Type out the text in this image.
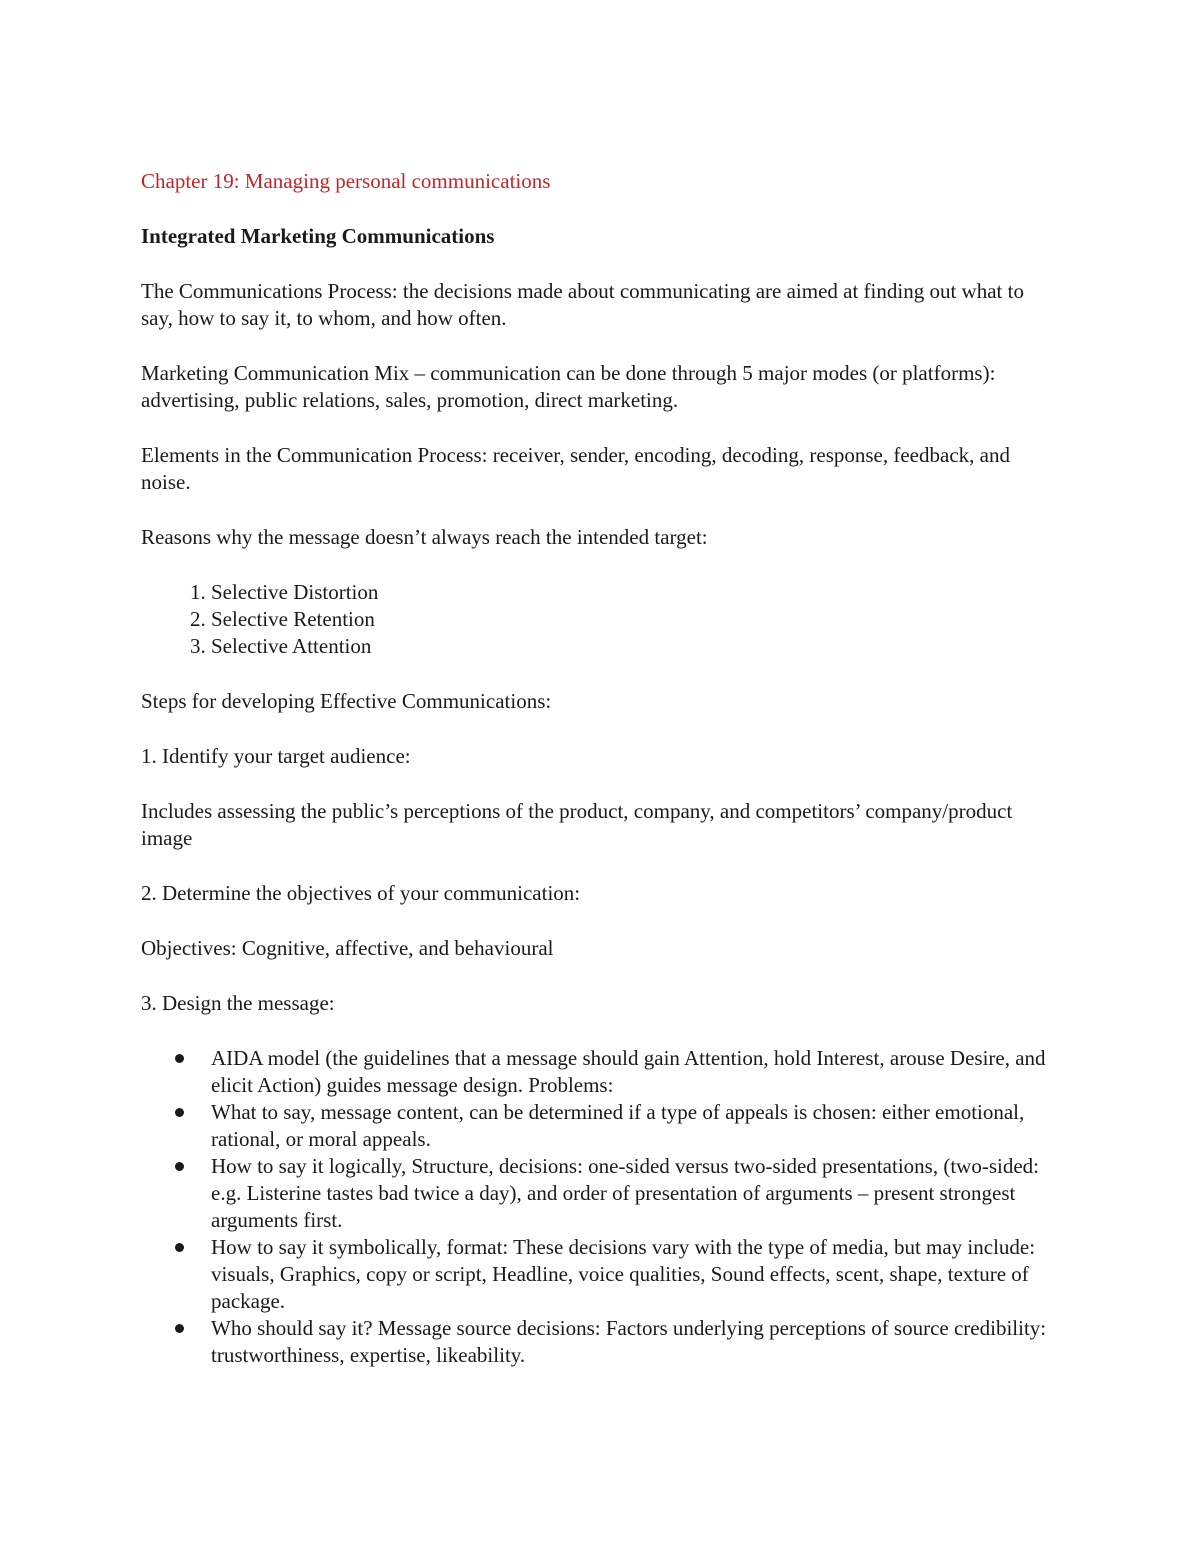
Chapter 19: Managing personal communications
Integrated Marketing Communications

The Communications Process: the decisions made about communicating are aimed at finding out what to say, how to say it, to whom, and how often.

Marketing Communication Mix – communication can be done through 5 major modes (or platforms): advertising, public relations, sales, promotion, direct marketing.

Elements in the Communication Process: receiver, sender, encoding, decoding, response, feedback, and noise.

Reasons why the message doesn’t always reach the intended target:

1. Selective Distortion
2. Selective Retention
3. Selective Attention

Steps for developing Effective Communications:

1. Identify your target audience:

Includes assessing the public’s perceptions of the product, company, and competitors’ company/product image

2. Determine the objectives of your communication:

Objectives: Cognitive, affective, and behavioural

3. Design the message:

AIDA model (the guidelines that a message should gain Attention, hold Interest, arouse Desire, and elicit Action) guides message design. Problems:
What to say, message content, can be determined if a type of appeals is chosen: either emotional, rational, or moral appeals.
How to say it logically, Structure, decisions: one-sided versus two-sided presentations, (two-sided: e.g. Listerine tastes bad twice a day), and order of presentation of arguments – present strongest arguments first.
How to say it symbolically, format: These decisions vary with the type of media, but may include: visuals, Graphics, copy or script, Headline, voice qualities, Sound effects, scent, shape, texture of package.
Who should say it? Message source decisions: Factors underlying perceptions of source credibility: trustworthiness, expertise, likeability.
